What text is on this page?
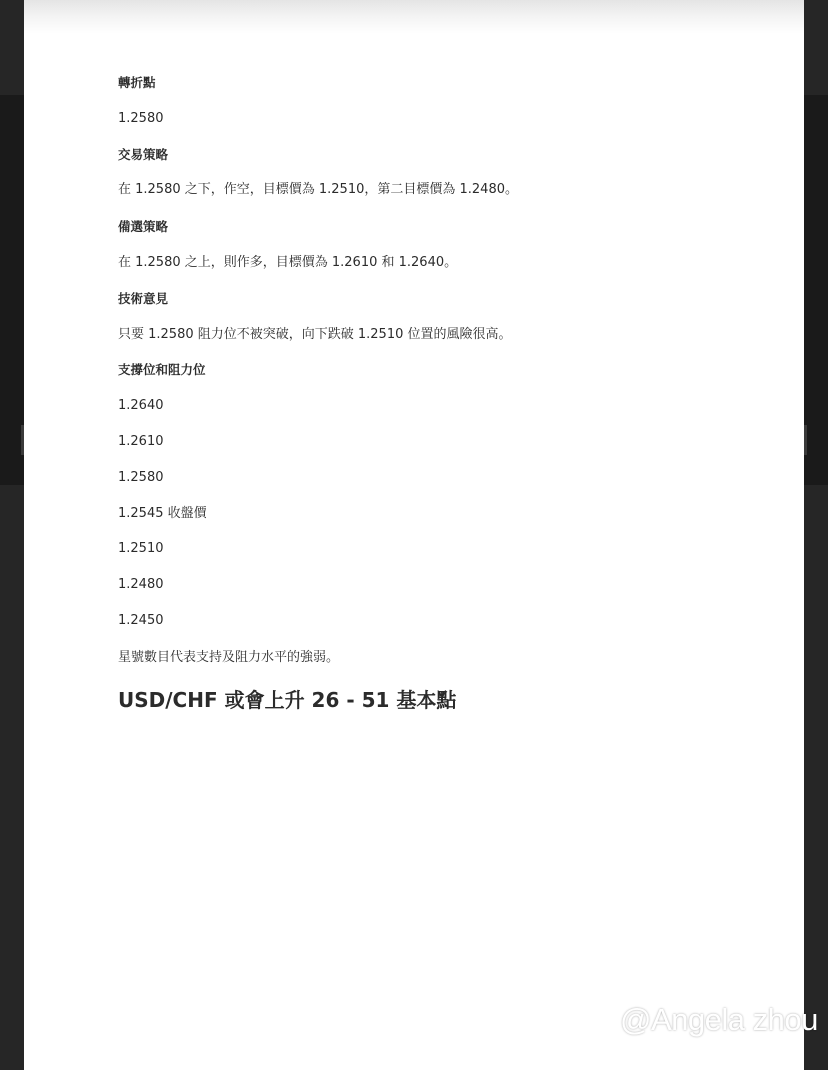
轉折點
1.2580
交易策略
在 1.2580 之下，作空，目標價為 1.2510，第二目標價為 1.2480。
備選策略
在 1.2580 之上，則作多，目標價為 1.2610 和 1.2640。
技術意見
只要 1.2580 阻力位不被突破，向下跌破 1.2510 位置的風險很高。
支撐位和阻力位
1.2640
1.2610
1.2580
1.2545 收盤價
1.2510
1.2480
1.2450
星號數目代表支持及阻力水平的強弱。
USD/CHF 或會上升 26 - 51 基本點
@Angela zhou
